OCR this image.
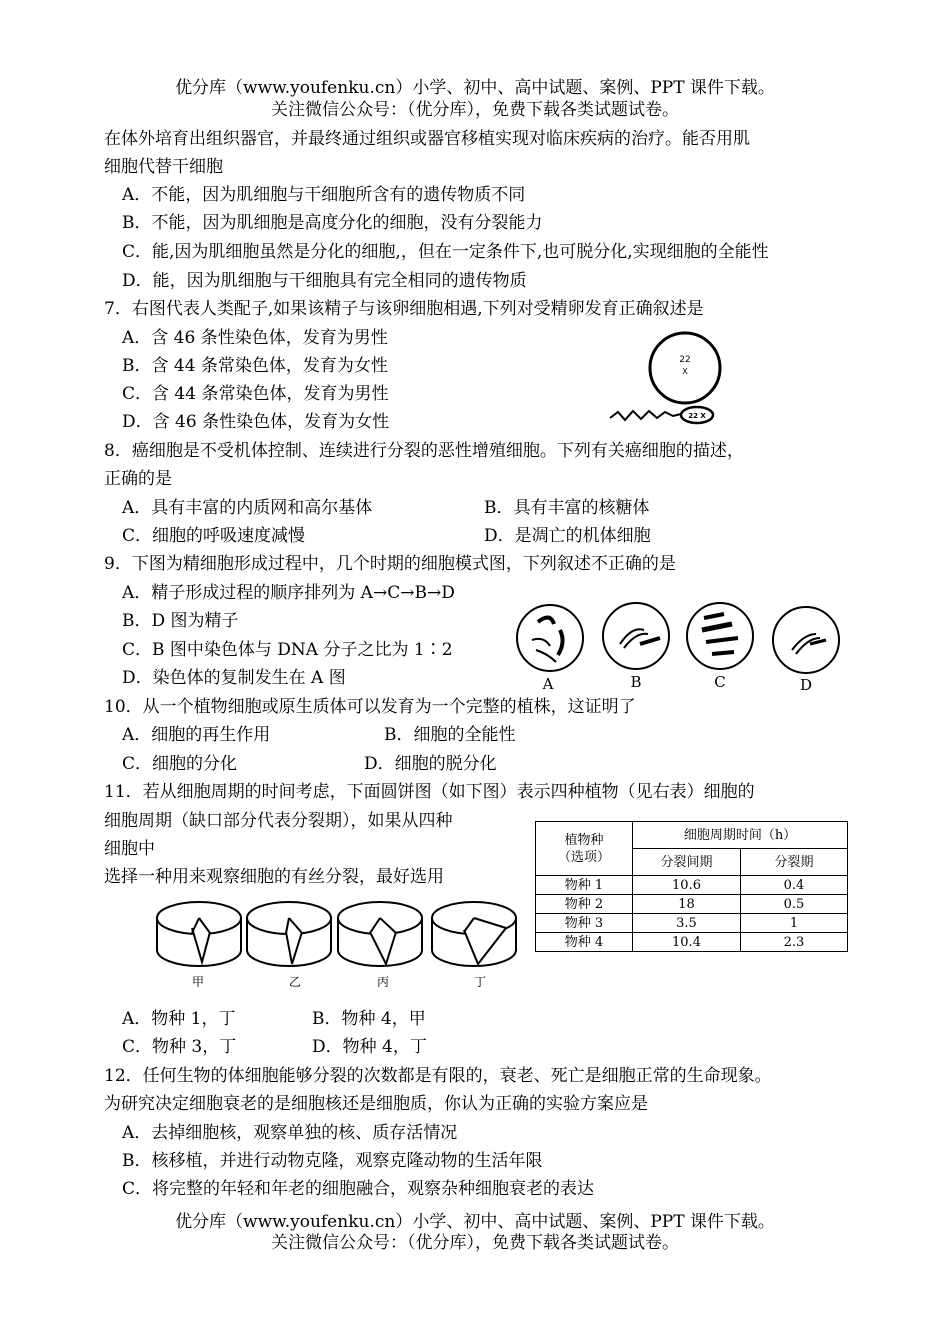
优分库（www.youfenku.cn）小学、初中、高中试题、案例、PPT 课件下载。
关注微信公众号：（优分库），免费下载各类试题试卷。
在体外培育出组织器官，并最终通过组织或器官移植实现对临床疾病的治疗。能否用肌
细胞代替干细胞
A．不能，因为肌细胞与干细胞所含有的遗传物质不同
B．不能，因为肌细胞是高度分化的细胞，没有分裂能力
C．能,因为肌细胞虽然是分化的细胞,，但在一定条件下,也可脱分化,实现细胞的全能性
D．能，因为肌细胞与干细胞具有完全相同的遗传物质
7．右图代表人类配子,如果该精子与该卵细胞相遇,下列对受精卵发育正确叙述是
A．含 46 条性染色体，发育为男性
B．含 44 条常染色体，发育为女性
C．含 44 条常染色体，发育为男性
D．含 46 条性染色体，发育为女性
22
X
22 X
8．癌细胞是不受机体控制、连续进行分裂的恶性增殖细胞。下列有关癌细胞的描述，
正确的是
A．具有丰富的内质网和高尔基体	B．具有丰富的核糖体
C．细胞的呼吸速度减慢	D．是凋亡的机体细胞
9．下图为精细胞形成过程中，几个时期的细胞模式图，下列叙述不正确的是
A．精子形成过程的顺序排列为 A→C→B→D
B．D 图为精子
C．B 图中染色体与 DNA 分子之比为 1∶2
D．染色体的复制发生在 A 图	A	B	C	D
10．从一个植物细胞或原生质体可以发育为一个完整的植株，这证明了
A．细胞的再生作用	B．细胞的全能性
C．细胞的分化	D．细胞的脱分化
11．若从细胞周期的时间考虑，下面圆饼图（如下图）表示四种植物（见右表）细胞的
细胞周期（缺口部分代表分裂期），如果从四种
细胞中
选择一种用来观察细胞的有丝分裂，最好选用
植物种
（选项）	细胞周期时间（h）	
	分裂间期	分裂期
物种 1	10.6	0.4
物种 2	18	0.5
物种 3	3.5	1
物种 4	10.4	2.3
甲	乙	丙	丁
A．物种 1，丁	B．物种 4，甲
C．物种 3，丁	D．物种 4，丁
12．任何生物的体细胞能够分裂的次数都是有限的，衰老、死亡是细胞正常的生命现象。
为研究决定细胞衰老的是细胞核还是细胞质，你认为正确的实验方案应是
A．去掉细胞核，观察单独的核、质存活情况
B．核移植，并进行动物克隆，观察克隆动物的生活年限
C．将完整的年轻和年老的细胞融合，观察杂种细胞衰老的表达
优分库（www.youfenku.cn）小学、初中、高中试题、案例、PPT 课件下载。
关注微信公众号：（优分库），免费下载各类试题试卷。
